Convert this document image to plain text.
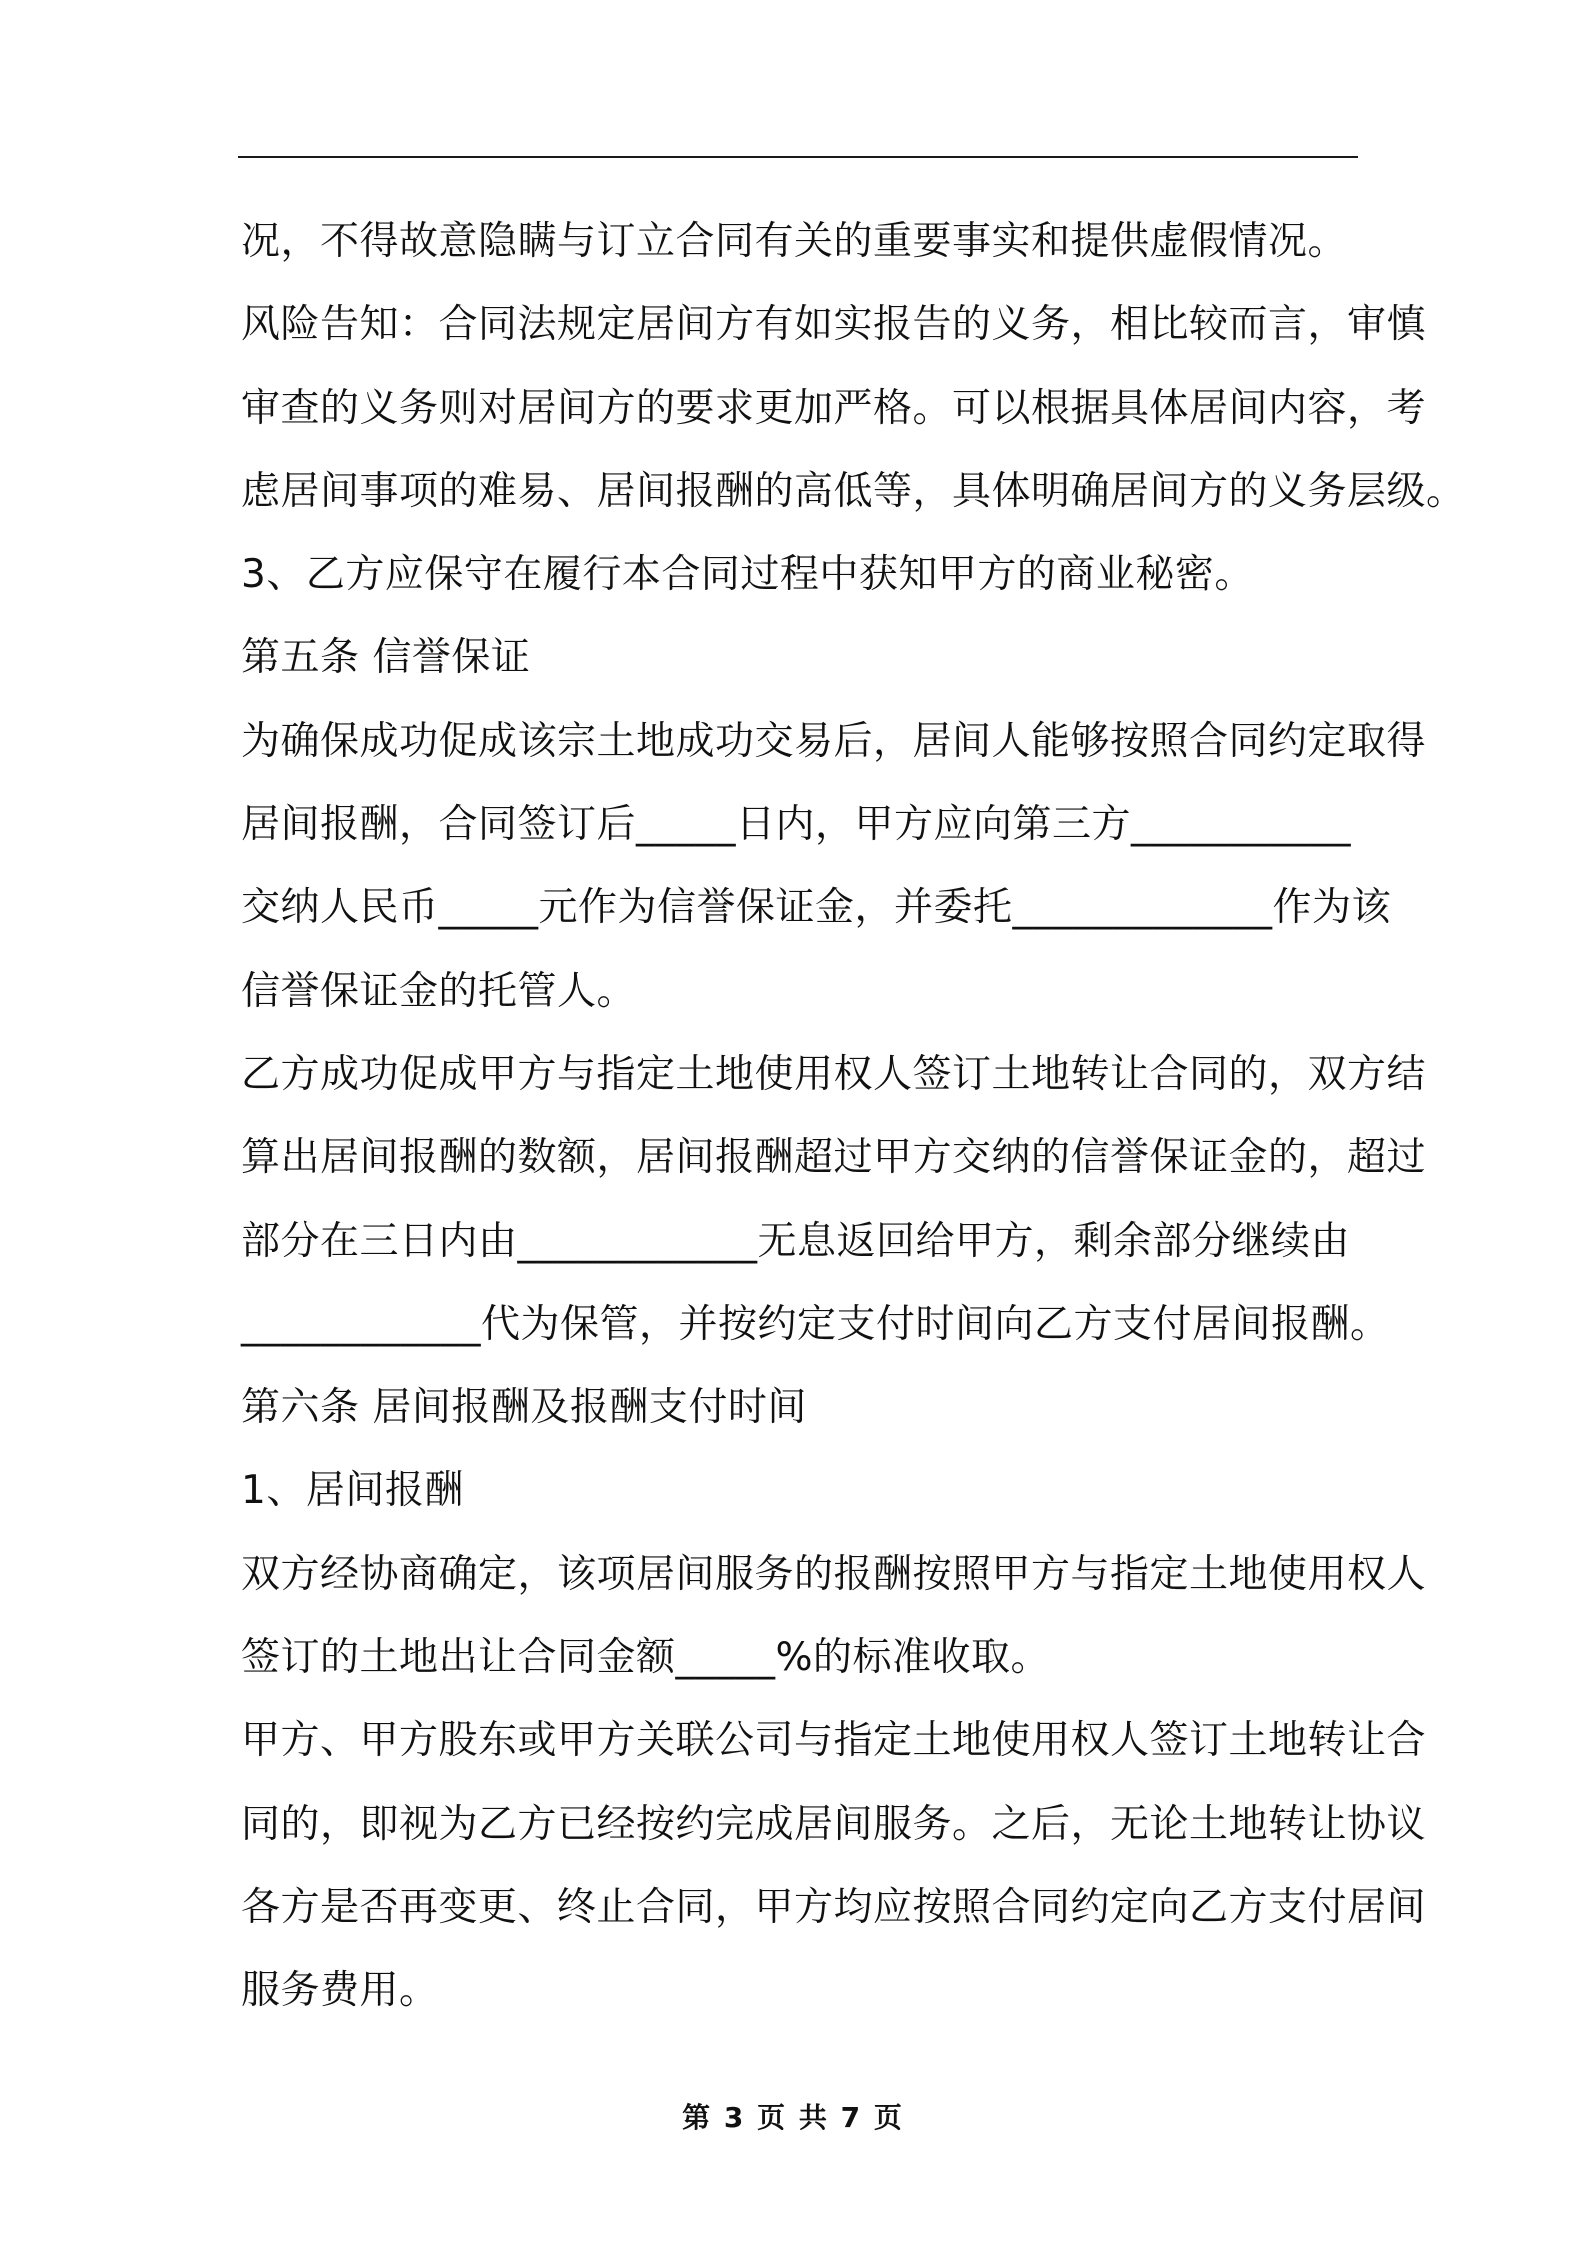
况，不得故意隐瞒与订立合同有关的重要事实和提供虚假情况。

风险告知：合同法规定居间方有如实报告的义务，相比较而言，审慎

审查的义务则对居间方的要求更加严格。可以根据具体居间内容，考

虑居间事项的难易、居间报酬的高低等，具体明确居间方的义务层级。

3、乙方应保守在履行本合同过程中获知甲方的商业秘密。

第五条 信誉保证

为确保成功促成该宗土地成功交易后，居间人能够按照合同约定取得

居间报酬，合同签订后_____日内，甲方应向第三方___________

交纳人民币_____元作为信誉保证金，并委托_____________作为该

信誉保证金的托管人。

乙方成功促成甲方与指定土地使用权人签订土地转让合同的，双方结

算出居间报酬的数额，居间报酬超过甲方交纳的信誉保证金的，超过

部分在三日内由____________无息返回给甲方，剩余部分继续由

____________代为保管，并按约定支付时间向乙方支付居间报酬。

第六条 居间报酬及报酬支付时间

1、居间报酬

双方经协商确定，该项居间服务的报酬按照甲方与指定土地使用权人

签订的土地出让合同金额_____%的标准收取。

甲方、甲方股东或甲方关联公司与指定土地使用权人签订土地转让合

同的，即视为乙方已经按约完成居间服务。之后，无论土地转让协议

各方是否再变更、终止合同，甲方均应按照合同约定向乙方支付居间

服务费用。

第 3 页 共 7 页
